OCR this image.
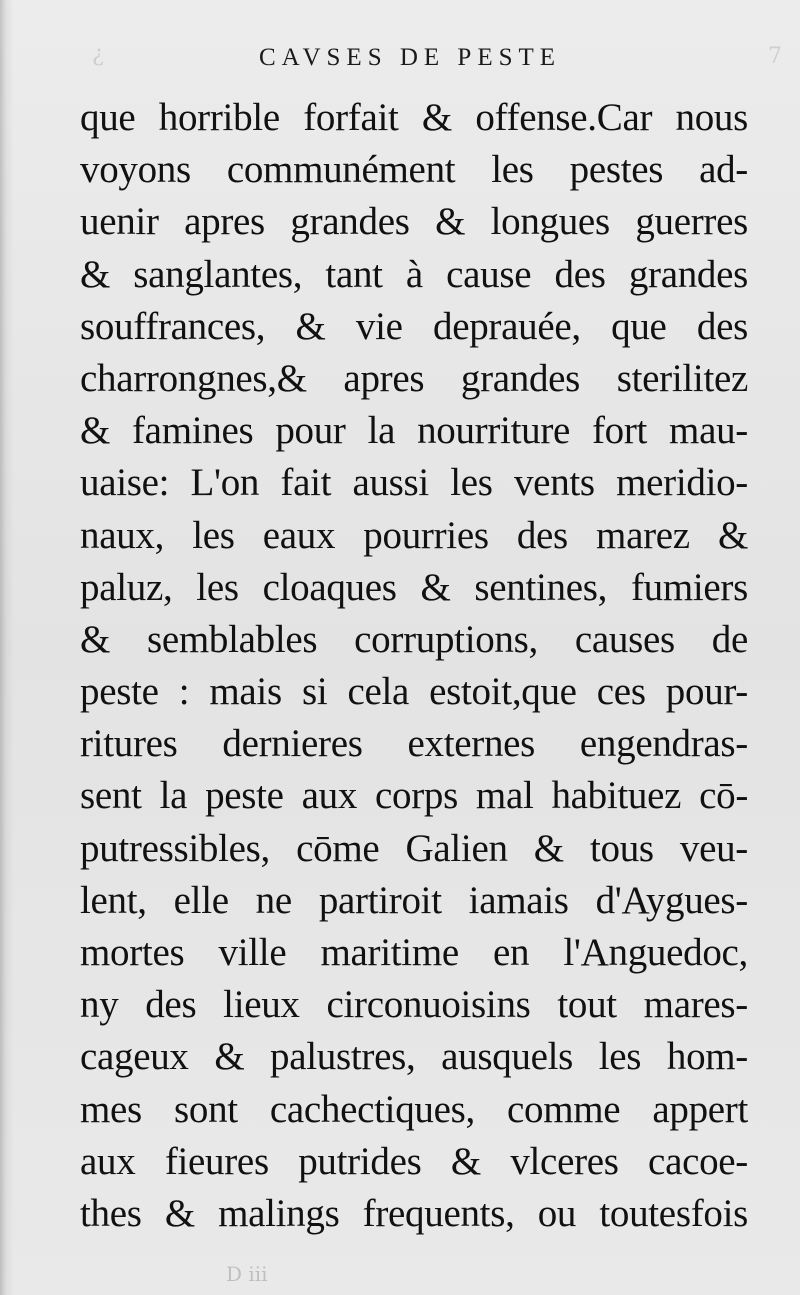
¿	7
CAVSES DE PESTE
que horrible forfait & offense.Car nous
voyons communément les pestes ad-
uenir apres grandes & longues guerres
& sanglantes, tant à cause des grandes
souffrances, & vie deprauée, que des
charrongnes,& apres grandes sterilitez
& famines pour la nourriture fort mau-
uaise: L'on fait aussi les vents meridio-
naux, les eaux pourries des marez &
paluz, les cloaques & sentines, fumiers
& semblables corruptions, causes de
peste : mais si cela estoit,que ces pour-
ritures dernieres externes engendras-
sent la peste aux corps mal habituez cō-
putressibles, cōme Galien & tous veu-
lent, elle ne partiroit iamais d'Aygues-
mortes ville maritime en l'Anguedoc,
ny des lieux circonuoisins tout mares-
cageux & palustres, ausquels les hom-
mes sont cachectiques, comme appert
aux fieures putrides & vlceres cacoe-
thes & malings frequents, ou toutesfois
D iii
